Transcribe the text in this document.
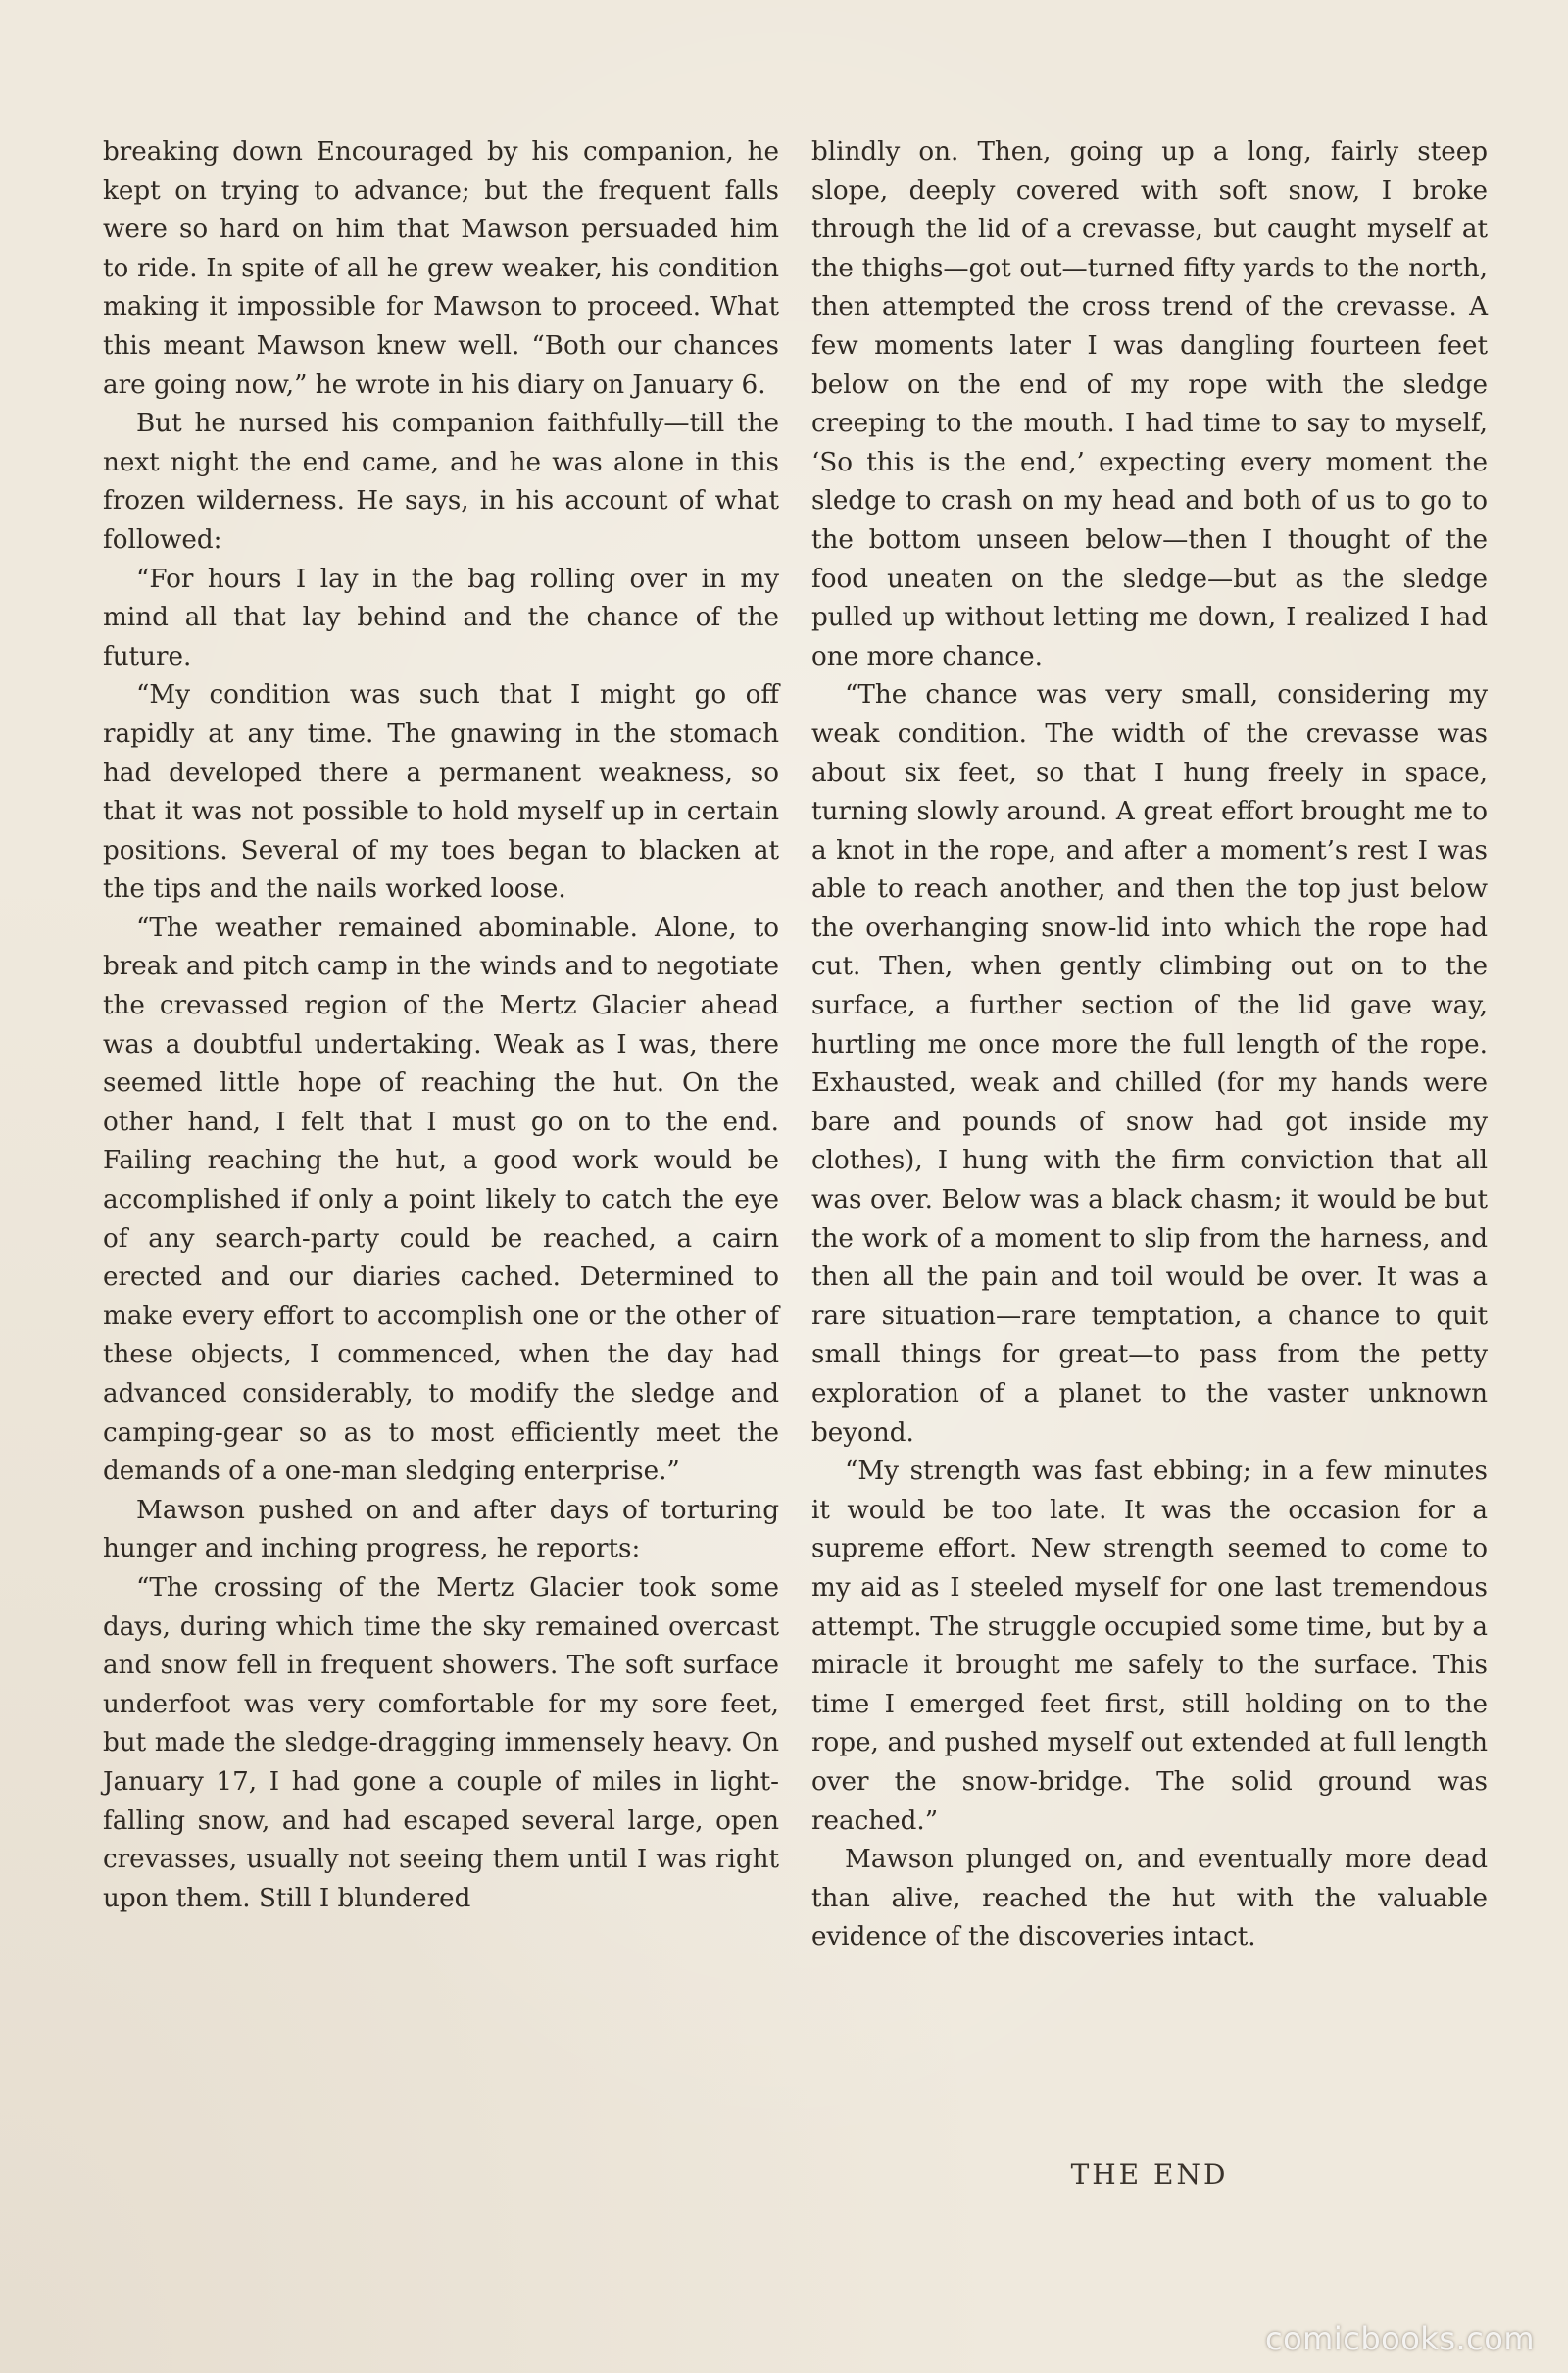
breaking down Encouraged by his companion, he kept on trying to advance; but the frequent falls were so hard on him that Mawson persuaded him to ride. In spite of all he grew weaker, his condition making it impossible for Mawson to proceed. What this meant Mawson knew well. “Both our chances are going now,” he wrote in his diary on January 6.

But he nursed his companion faithfully—till the next night the end came, and he was alone in this frozen wilderness. He says, in his account of what followed:

“For hours I lay in the bag rolling over in my mind all that lay behind and the chance of the future.

“My condition was such that I might go off rapidly at any time. The gnawing in the stomach had developed there a permanent weakness, so that it was not possible to hold myself up in certain positions. Several of my toes began to blacken at the tips and the nails worked loose.

“The weather remained abominable. Alone, to break and pitch camp in the winds and to negotiate the crevassed region of the Mertz Glacier ahead was a doubtful undertaking. Weak as I was, there seemed little hope of reaching the hut. On the other hand, I felt that I must go on to the end. Failing reaching the hut, a good work would be accomplished if only a point likely to catch the eye of any search-party could be reached, a cairn erected and our diaries cached. Determined to make every effort to accomplish one or the other of these objects, I commenced, when the day had advanced considerably, to modify the sledge and camping-gear so as to most efficiently meet the demands of a one-man sledging enterprise.”

Mawson pushed on and after days of torturing hunger and inching progress, he reports:

“The crossing of the Mertz Glacier took some days, during which time the sky remained overcast and snow fell in frequent showers. The soft surface underfoot was very comfortable for my sore feet, but made the sledge-dragging immensely heavy. On January 17, I had gone a couple of miles in light-falling snow, and had escaped several large, open crevasses, usually not seeing them until I was right upon them. Still I blundered

blindly on. Then, going up a long, fairly steep slope, deeply covered with soft snow, I broke through the lid of a crevasse, but caught myself at the thighs—got out—turned fifty yards to the north, then attempted the cross trend of the crevasse. A few moments later I was dangling fourteen feet below on the end of my rope with the sledge creeping to the mouth. I had time to say to myself, ‘So this is the end,’ expecting every moment the sledge to crash on my head and both of us to go to the bottom unseen below—then I thought of the food uneaten on the sledge—but as the sledge pulled up without letting me down, I realized I had one more chance.

“The chance was very small, considering my weak condition. The width of the crevasse was about six feet, so that I hung freely in space, turning slowly around. A great effort brought me to a knot in the rope, and after a moment’s rest I was able to reach another, and then the top just below the overhanging snow-lid into which the rope had cut. Then, when gently climbing out on to the surface, a further section of the lid gave way, hurtling me once more the full length of the rope. Exhausted, weak and chilled (for my hands were bare and pounds of snow had got inside my clothes), I hung with the firm conviction that all was over. Below was a black chasm; it would be but the work of a moment to slip from the harness, and then all the pain and toil would be over. It was a rare situation—rare temptation, a chance to quit small things for great—to pass from the petty exploration of a planet to the vaster unknown beyond.

“My strength was fast ebbing; in a few minutes it would be too late. It was the occasion for a supreme effort. New strength seemed to come to my aid as I steeled myself for one last tremendous attempt. The struggle occupied some time, but by a miracle it brought me safely to the surface. This time I emerged feet first, still holding on to the rope, and pushed myself out extended at full length over the snow-bridge. The solid ground was reached.”

Mawson plunged on, and eventually more dead than alive, reached the hut with the valuable evidence of the discoveries intact.

THE END
comicbooks.com
